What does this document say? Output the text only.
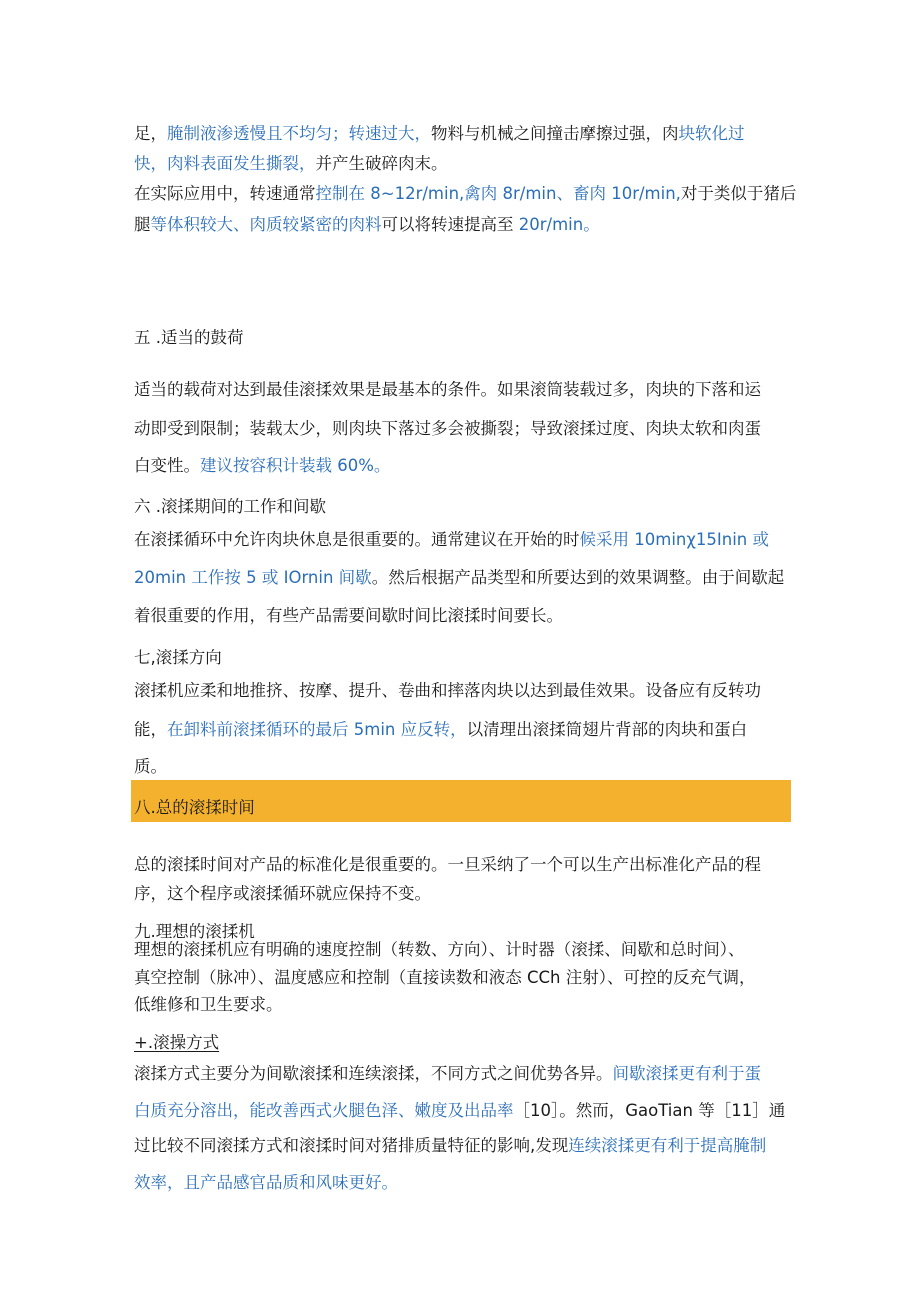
足，腌制液渗透慢且不均匀；转速过大，物料与机械之间撞击摩擦过强，肉块软化过
快，肉料表面发生撕裂，并产生破碎肉末。
在实际应用中，转速通常控制在 8~12r/min,禽肉 8r/min、畜肉 10r/min,对于类似于猪后
腿等体积较大、肉质较紧密的肉料可以将转速提高至 20r/min。
五 .适当的鼓荷
适当的载荷对达到最佳滚揉效果是最基本的条件。如果滚筒装载过多，肉块的下落和运
动即受到限制；装载太少，则肉块下落过多会被撕裂；导致滚揉过度、肉块太软和肉蛋
白变性。建议按容积计装载 60%。
六 .滚揉期间的工作和间歇
在滚揉循环中允许肉块休息是很重要的。通常建议在开始的时候采用 10minχ15Inin 或
20min 工作按 5 或 IOrnin 间歇。然后根据产品类型和所要达到的效果调整。由于间歇起
着很重要的作用，有些产品需要间歇时间比滚揉时间要长。
七,滚揉方向
滚揉机应柔和地推挤、按摩、提升、卷曲和摔落肉块以达到最佳效果。设备应有反转功
能，在卸料前滚揉循环的最后 5min 应反转，以清理出滚揉筒翅片背部的肉块和蛋白
质。
八.总的滚揉时间
总的滚揉时间对产品的标准化是很重要的。一旦采纳了一个可以生产出标准化产品的程
序，这个程序或滚揉循环就应保持不变。
九.理想的滚揉机
理想的滚揉机应有明确的速度控制（转数、方向）、计时器（滚揉、间歇和总时间）、
真空控制（脉冲）、温度感应和控制（直接读数和液态 CCh 注射）、可控的反充气调，
低维修和卫生要求。
+.滚操方式
滚揉方式主要分为间歇滚揉和连续滚揉，不同方式之间优势各异。间歇滚揉更有利于蛋
白质充分溶出，能改善西式火腿色泽、嫩度及出品率［10］。然而，GaoTian 等［11］通
过比较不同滚揉方式和滚揉时间对猪排质量特征的影响,发现连续滚揉更有利于提高腌制
效率，且产品感官品质和风味更好。
